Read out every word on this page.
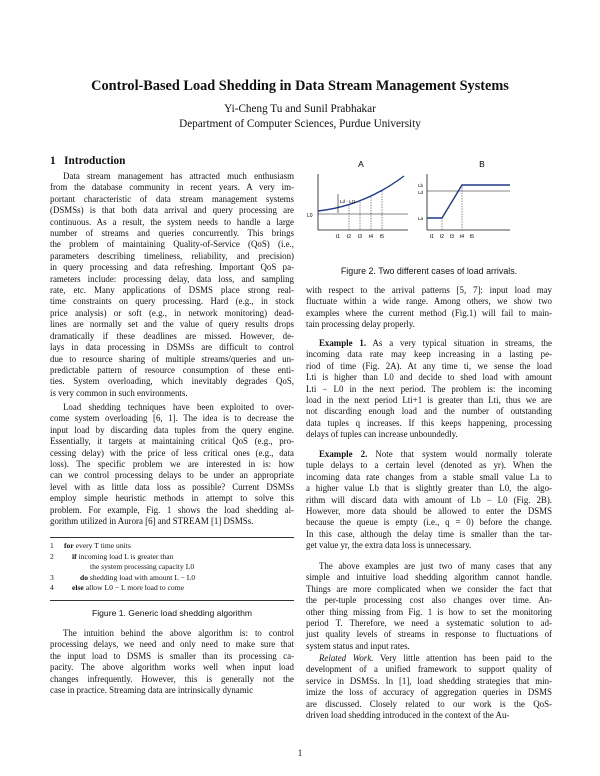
Control-Based Load Shedding in Data Stream Management Systems
Yi-Cheng Tu and Sunil Prabhakar
Department of Computer Sciences, Purdue University
1 Introduction
Data stream management has attracted much enthusiasm
from the database community in recent years. A very im-
portant characteristic of data stream management systems
(DSMSs) is that both data arrival and query processing are
continuous. As a result, the system needs to handle a large
number of streams and queries concurrently. This brings
the problem of maintaining Quality-of-Service (QoS) (i.e.,
parameters describing timeliness, reliability, and precision)
in query processing and data refreshing. Important QoS pa-
rameters include: processing delay, data loss, and sampling
rate, etc. Many applications of DSMS place strong real-
time constraints on query processing. Hard (e.g., in stock
price analysis) or soft (e.g., in network monitoring) dead-
lines are normally set and the value of query results drops
dramatically if these deadlines are missed. However, de-
lays in data processing in DSMSs are difficult to control
due to resource sharing of multiple streams/queries and un-
predictable pattern of resource consumption of these enti-
ties. System overloading, which inevitably degrades QoS,
is very common in such environments.
Load shedding techniques have been exploited to over-
come system overloading [6, 1]. The idea is to decrease the
input load by discarding data tuples from the query engine.
Essentially, it targets at maintaining critical QoS (e.g., pro-
cessing delay) with the price of less critical ones (e.g., data
loss). The specific problem we are interested in is: how
can we control processing delays to be under an appropriate
level with as little data loss as possible? Current DSMSs
employ simple heuristic methods in attempt to solve this
problem. For example, Fig. 1 shows the load shedding al-
gorithm utilized in Aurora [6] and STREAM [1] DSMSs.
1 for every T time units
2 if incoming load L is greater than
the system processing capacity L0
3	do shedding load with amount L − L0
4 else allow L0 − L more load to come
Figure 1. Generic load shedding algorithm
The intuition behind the above algorithm is: to control
processing delays, we need and only need to make sure that
the input load to DSMS is smaller than its processing ca-
pacity. The above algorithm works well when input load
changes infrequently. However, this is generally not the
case in practice. Streaming data are intrinsically dynamic
A	B
L0
Ld - Lt1
t1 t2 t3 t4 t5
Lb
Ld
La
t1 t2 t3 t4 t5
Figure 2. Two different cases of load arrivals.
with respect to the arrival patterns [5, 7]: input load may
fluctuate within a wide range. Among others, we show two
examples where the current method (Fig.1) will fail to main-
tain processing delay properly.
Example 1. As a very typical situation in streams, the
incoming data rate may keep increasing in a lasting pe-
riod of time (Fig. 2A). At any time ti, we sense the load
Lti is higher than L0 and decide to shed load with amount
Lti − L0 in the next period. The problem is: the incoming
load in the next period Lti+1 is greater than Lti, thus we are
not discarding enough load and the number of outstanding
data tuples q increases. If this keeps happening, processing
delays of tuples can increase unboundedly.
Example 2. Note that system would normally tolerate
tuple delays to a certain level (denoted as yr). When the
incoming data rate changes from a stable small value La to
a higher value Lb that is slightly greater than L0, the algo-
rithm will discard data with amount of Lb − L0 (Fig. 2B).
However, more data should be allowed to enter the DSMS
because the queue is empty (i.e., q = 0) before the change.
In this case, although the delay time is smaller than the tar-
get value yr, the extra data loss is unnecessary.
The above examples are just two of many cases that any
simple and intuitive load shedding algorithm cannot handle.
Things are more complicated when we consider the fact that
the per-tuple processing cost also changes over time. An-
other thing missing from Fig. 1 is how to set the monitoring
period T. Therefore, we need a systematic solution to ad-
just quality levels of streams in response to fluctuations of
system status and input rates.
Related Work. Very little attention has been paid to the
development of a unified framework to support quality of
service in DSMSs. In [1], load shedding strategies that min-
imize the loss of accuracy of aggregation queries in DSMS
are discussed. Closely related to our work is the QoS-
driven load shedding introduced in the context of the Au-
1
